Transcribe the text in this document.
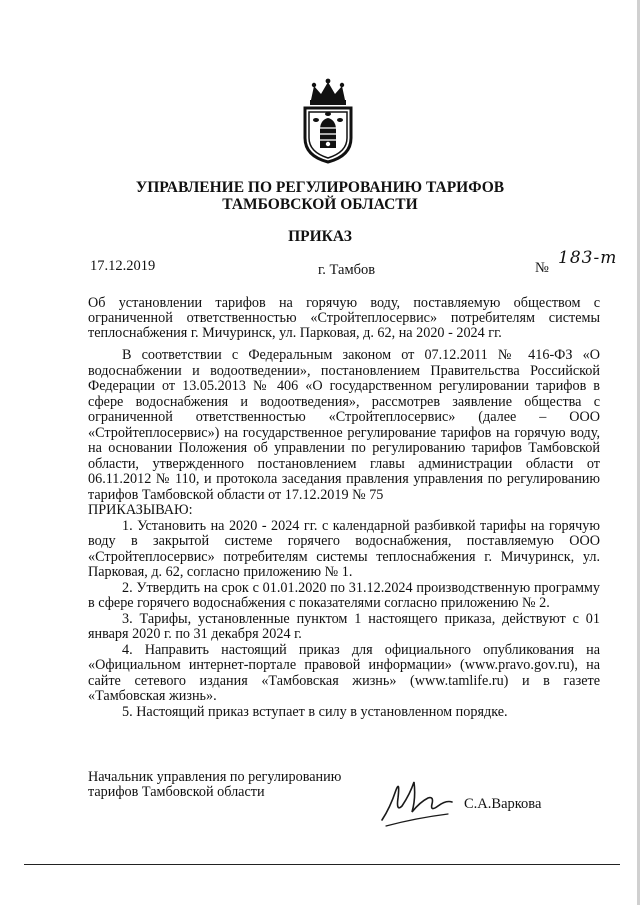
УПРАВЛЕНИЕ ПО РЕГУЛИРОВАНИЮ ТАРИФОВ
ТАМБОВСКОЙ ОБЛАСТИ
ПРИКАЗ
17.12.2019	г. Тамбов	№ 183-т
Об установлении тарифов на горячую воду, поставляемую обществом с ограниченной ответственностью «Стройтеплосервис» потребителям системы теплоснабжения г. Мичуринск, ул. Парковая, д. 62, на 2020 - 2024 гг.

В соответствии с Федеральным законом от 07.12.2011 № 416-ФЗ «О водоснабжении и водоотведении», постановлением Правительства Российской Федерации от 13.05.2013 № 406 «О государственном регулировании тарифов в сфере водоснабжения и водоотведения», рассмотрев заявление общества с ограниченной ответственностью «Стройтеплосервис» (далее – ООО «Стройтеплосервис») на государственное регулирование тарифов на горячую воду, на основании Положения об управлении по регулированию тарифов Тамбовской области, утвержденного постановлением главы администрации области от 06.11.2012 № 110, и протокола заседания правления управления по регулированию тарифов Тамбовской области от 17.12.2019 № 75

ПРИКАЗЫВАЮ:

1. Установить на 2020 - 2024 гг. с календарной разбивкой тарифы на горячую воду в закрытой системе горячего водоснабжения, поставляемую ООО «Стройтеплосервис» потребителям системы теплоснабжения г. Мичуринск, ул. Парковая, д. 62, согласно приложению № 1.

2. Утвердить на срок с 01.01.2020 по 31.12.2024 производственную программу в сфере горячего водоснабжения с показателями согласно приложению № 2.

3. Тарифы, установленные пунктом 1 настоящего приказа, действуют с 01 января 2020 г. по 31 декабря 2024 г.

4. Направить настоящий приказ для официального опубликования на «Официальном интернет-портале правовой информации» (www.pravo.gov.ru), на сайте сетевого издания «Тамбовская жизнь» (www.tamlife.ru) и в газете «Тамбовская жизнь».

5. Настоящий приказ вступает в силу в установленном порядке.

Начальник управления по регулированию
тарифов Тамбовской области
С.А.Варкова
